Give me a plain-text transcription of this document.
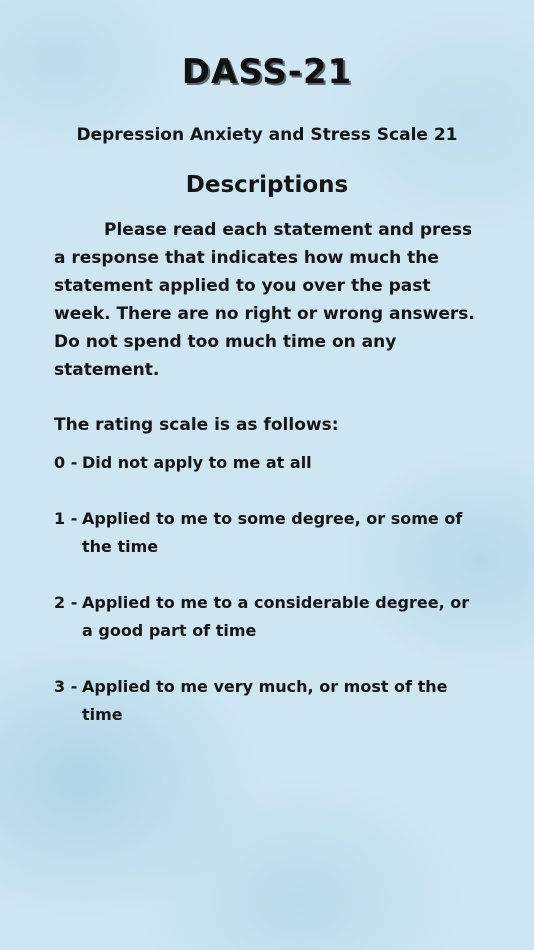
DASS-21
Depression Anxiety and Stress Scale 21
Descriptions
Please read each statement and press a response that indicates how much the statement applied to you over the past week. There are no right or wrong answers. Do not spend too much time on any statement.
The rating scale is as follows:
0 - Did not apply to me at all
1 - Applied to me to some degree, or some of the time
2 - Applied to me to a considerable degree, or a good part of time
3 - Applied to me very much, or most of the time
